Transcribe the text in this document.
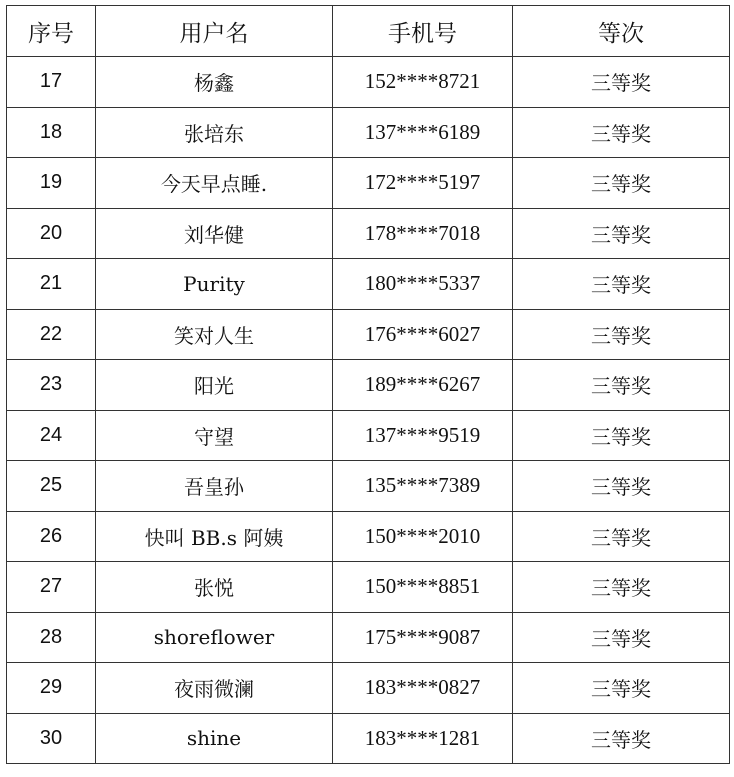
序号	用户名	手机号	等次
17	杨鑫	152****8721	三等奖
18	张培东	137****6189	三等奖
19	今天早点睡.	172****5197	三等奖
20	刘华健	178****7018	三等奖
21	Purity	180****5337	三等奖
22	笑对人生	176****6027	三等奖
23	阳光	189****6267	三等奖
24	守望	137****9519	三等奖
25	吾皇孙	135****7389	三等奖
26	快叫 BB.s 阿姨	150****2010	三等奖
27	张悦	150****8851	三等奖
28	shoreflower	175****9087	三等奖
29	夜雨微澜	183****0827	三等奖
30	shine	183****1281	三等奖
